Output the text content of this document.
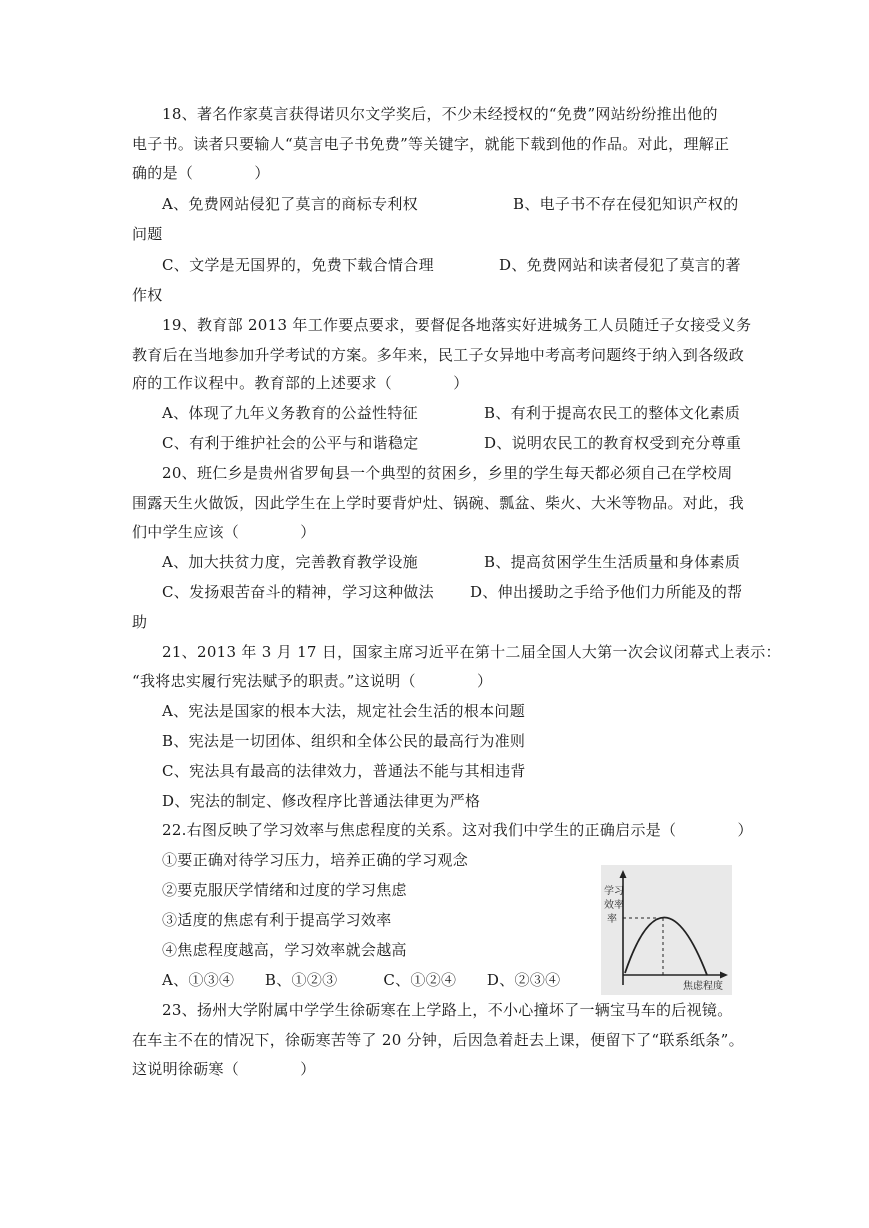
18、著名作家莫言获得诺贝尔文学奖后，不少未经授权的“免费”网站纷纷推出他的
电子书。读者只要输人“莫言电子书免费”等关键字，就能下载到他的作品。对此，理解正
确的是（　　　　）
A、免费网站侵犯了莫言的商标专利权	B、电子书不存在侵犯知识产权的
问题
C、文学是无国界的，免费下载合情合理	D、免费网站和读者侵犯了莫言的著
作权
19、教育部 2013 年工作要点要求，要督促各地落实好进城务工人员随迁子女接受义务
教育后在当地参加升学考试的方案。多年来，民工子女异地中考高考问题终于纳入到各级政
府的工作议程中。教育部的上述要求（　　　　）
A、体现了九年义务教育的公益性特征	B、有利于提高农民工的整体文化素质
C、有利于维护社会的公平与和谐稳定	D、说明农民工的教育权受到充分尊重
20、班仁乡是贵州省罗甸县一个典型的贫困乡，乡里的学生每天都必须自己在学校周
围露天生火做饭，因此学生在上学时要背炉灶、锅碗、瓢盆、柴火、大米等物品。对此，我
们中学生应该（　　　　）
A、加大扶贫力度，完善教育教学设施	B、提高贫困学生生活质量和身体素质
C、发扬艰苦奋斗的精神，学习这种做法 D、伸出援助之手给予他们力所能及的帮
助
21、2013 年 3 月 17 日，国家主席习近平在第十二届全国人大第一次会议闭幕式上表示：
“我将忠实履行宪法赋予的职责。”这说明（　　　　）
A、宪法是国家的根本大法，规定社会生活的根本问题
B、宪法是一切团体、组织和全体公民的最高行为准则
C、宪法具有最高的法律效力，普通法不能与其相违背
D、宪法的制定、修改程序比普通法律更为严格
22.右图反映了学习效率与焦虑程度的关系。这对我们中学生的正确启示是（　　　　）
①要正确对待学习压力，培养正确的学习观念
②要克服厌学情绪和过度的学习焦虑
③适度的焦虑有利于提高学习效率
④焦虑程度越高，学习效率就会越高
A、①③④　　B、①②③　　　C、①②④　　D、②③④
学习
效率
率
焦虑程度
23、扬州大学附属中学学生徐砺寒在上学路上，不小心撞坏了一辆宝马车的后视镜。
在车主不在的情况下，徐砺寒苦等了 20 分钟，后因急着赶去上课，便留下了“联系纸条”。
这说明徐砺寒（　　　　）
